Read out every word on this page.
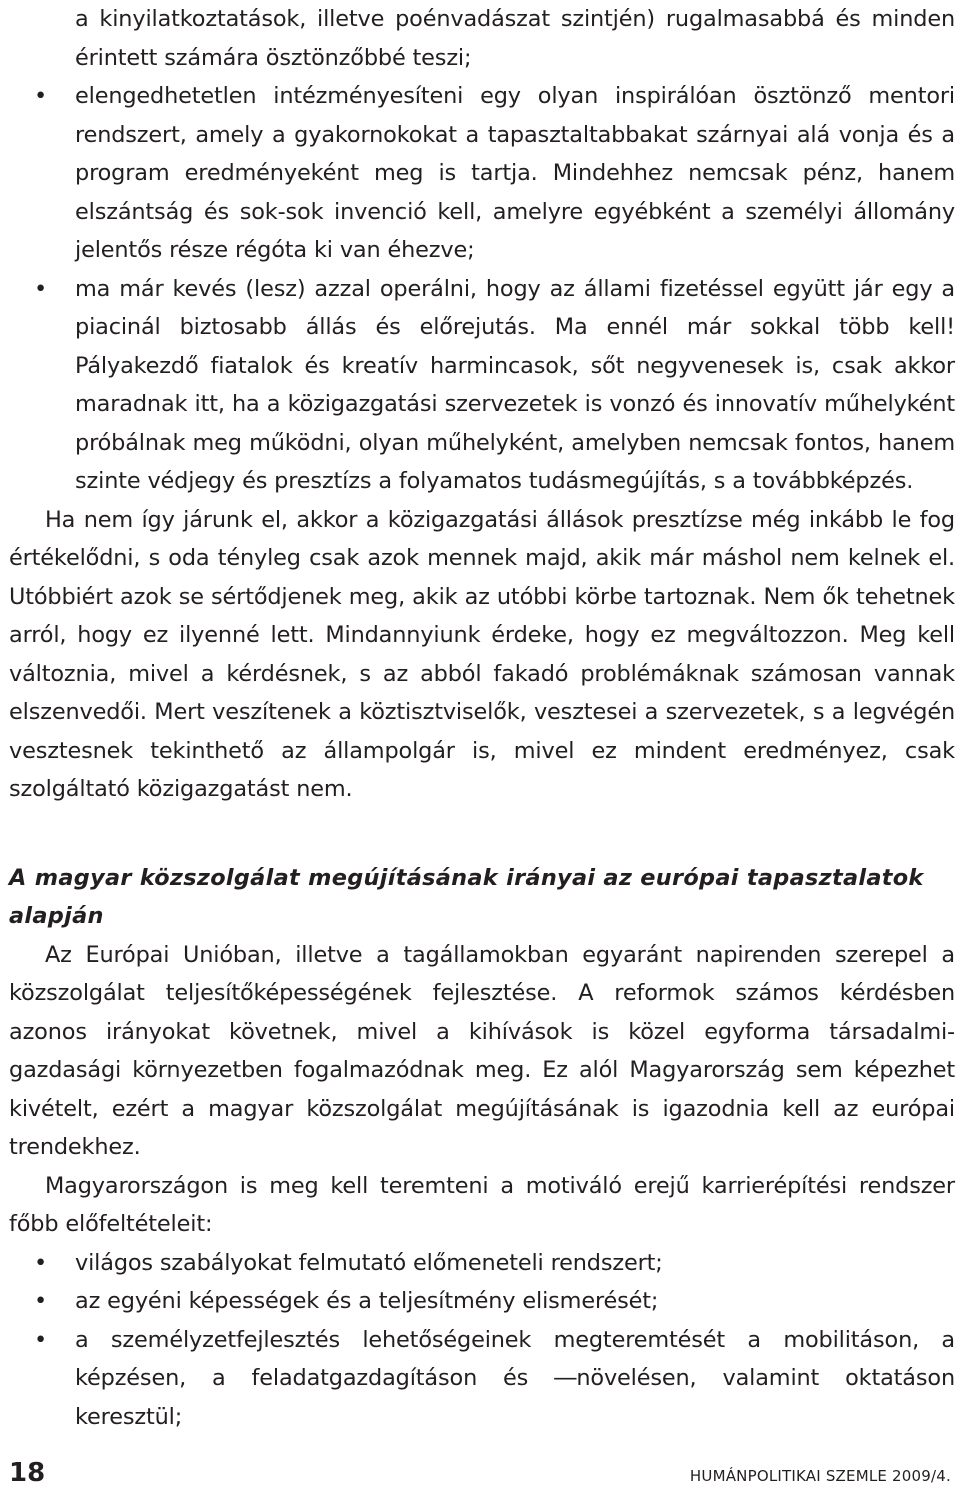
a kinyilatkoztatások, illetve poénvadászat szintjén) rugalmasabbá és minden érintett számára ösztönzőbbé teszi;

• elengedhetetlen intézményesíteni egy olyan inspirálóan ösztönző mentori rendszert, amely a gyakornokokat a tapasztaltabbakat szárnyai alá vonja és a program eredményeként meg is tartja. Mindehhez nemcsak pénz, hanem elszántság és sok-sok invenció kell, amelyre egyébként a személyi állomány jelentős része régóta ki van éhezve;
• ma már kevés (lesz) azzal operálni, hogy az állami fizetéssel együtt jár egy a piacinál biztosabb állás és előrejutás. Ma ennél már sokkal több kell! Pályakezdő fiatalok és kreatív harmincasok, sőt negyvenesek is, csak akkor maradnak itt, ha a közigazgatási szervezetek is vonzó és innovatív műhelyként próbálnak meg működni, olyan műhelyként, amelyben nemcsak fontos, hanem szinte védjegy és presztízs a folyamatos tudásmegújítás, s a továbbképzés.

Ha nem így járunk el, akkor a közigazgatási állások presztízse még inkább le fog értékelődni, s oda tényleg csak azok mennek majd, akik már máshol nem kelnek el. Utóbbiért azok se sértődjenek meg, akik az utóbbi körbe tartoznak. Nem ők tehetnek arról, hogy ez ilyenné lett. Mindannyiunk érdeke, hogy ez megváltozzon. Meg kell változnia, mivel a kérdésnek, s az abból fakadó problémáknak számosan vannak elszenvedői. Mert veszítenek a köztisztviselők, vesztesei a szervezetek, s a legvégén vesztesnek tekinthető az állampolgár is, mivel ez mindent eredményez, csak szolgáltató közigazgatást nem.

A magyar közszolgálat megújításának irányai az európai tapasztalatok alapján

Az Európai Unióban, illetve a tagállamokban egyaránt napirenden szerepel a közszolgálat teljesítőképességének fejlesztése. A reformok számos kérdésben azonos irányokat követnek, mivel a kihívások is közel egyforma társadalmi-gazdasági környezetben fogalmazódnak meg. Ez alól Magyarország sem képezhet kivételt, ezért a magyar közszolgálat megújításának is igazodnia kell az európai trendekhez.

Magyarországon is meg kell teremteni a motiváló erejű karrierépítési rendszer főbb előfeltételeit:

• világos szabályokat felmutató előmeneteli rendszert;
• az egyéni képességek és a teljesítmény elismerését;
• a személyzetfejlesztés lehetőségeinek megteremtését a mobilitáson, a képzésen, a feladatgazdagításon és ―növelésen, valamint oktatáson keresztül;
18	HUMÁNPOLITIKAI SZEMLE 2009/4.
